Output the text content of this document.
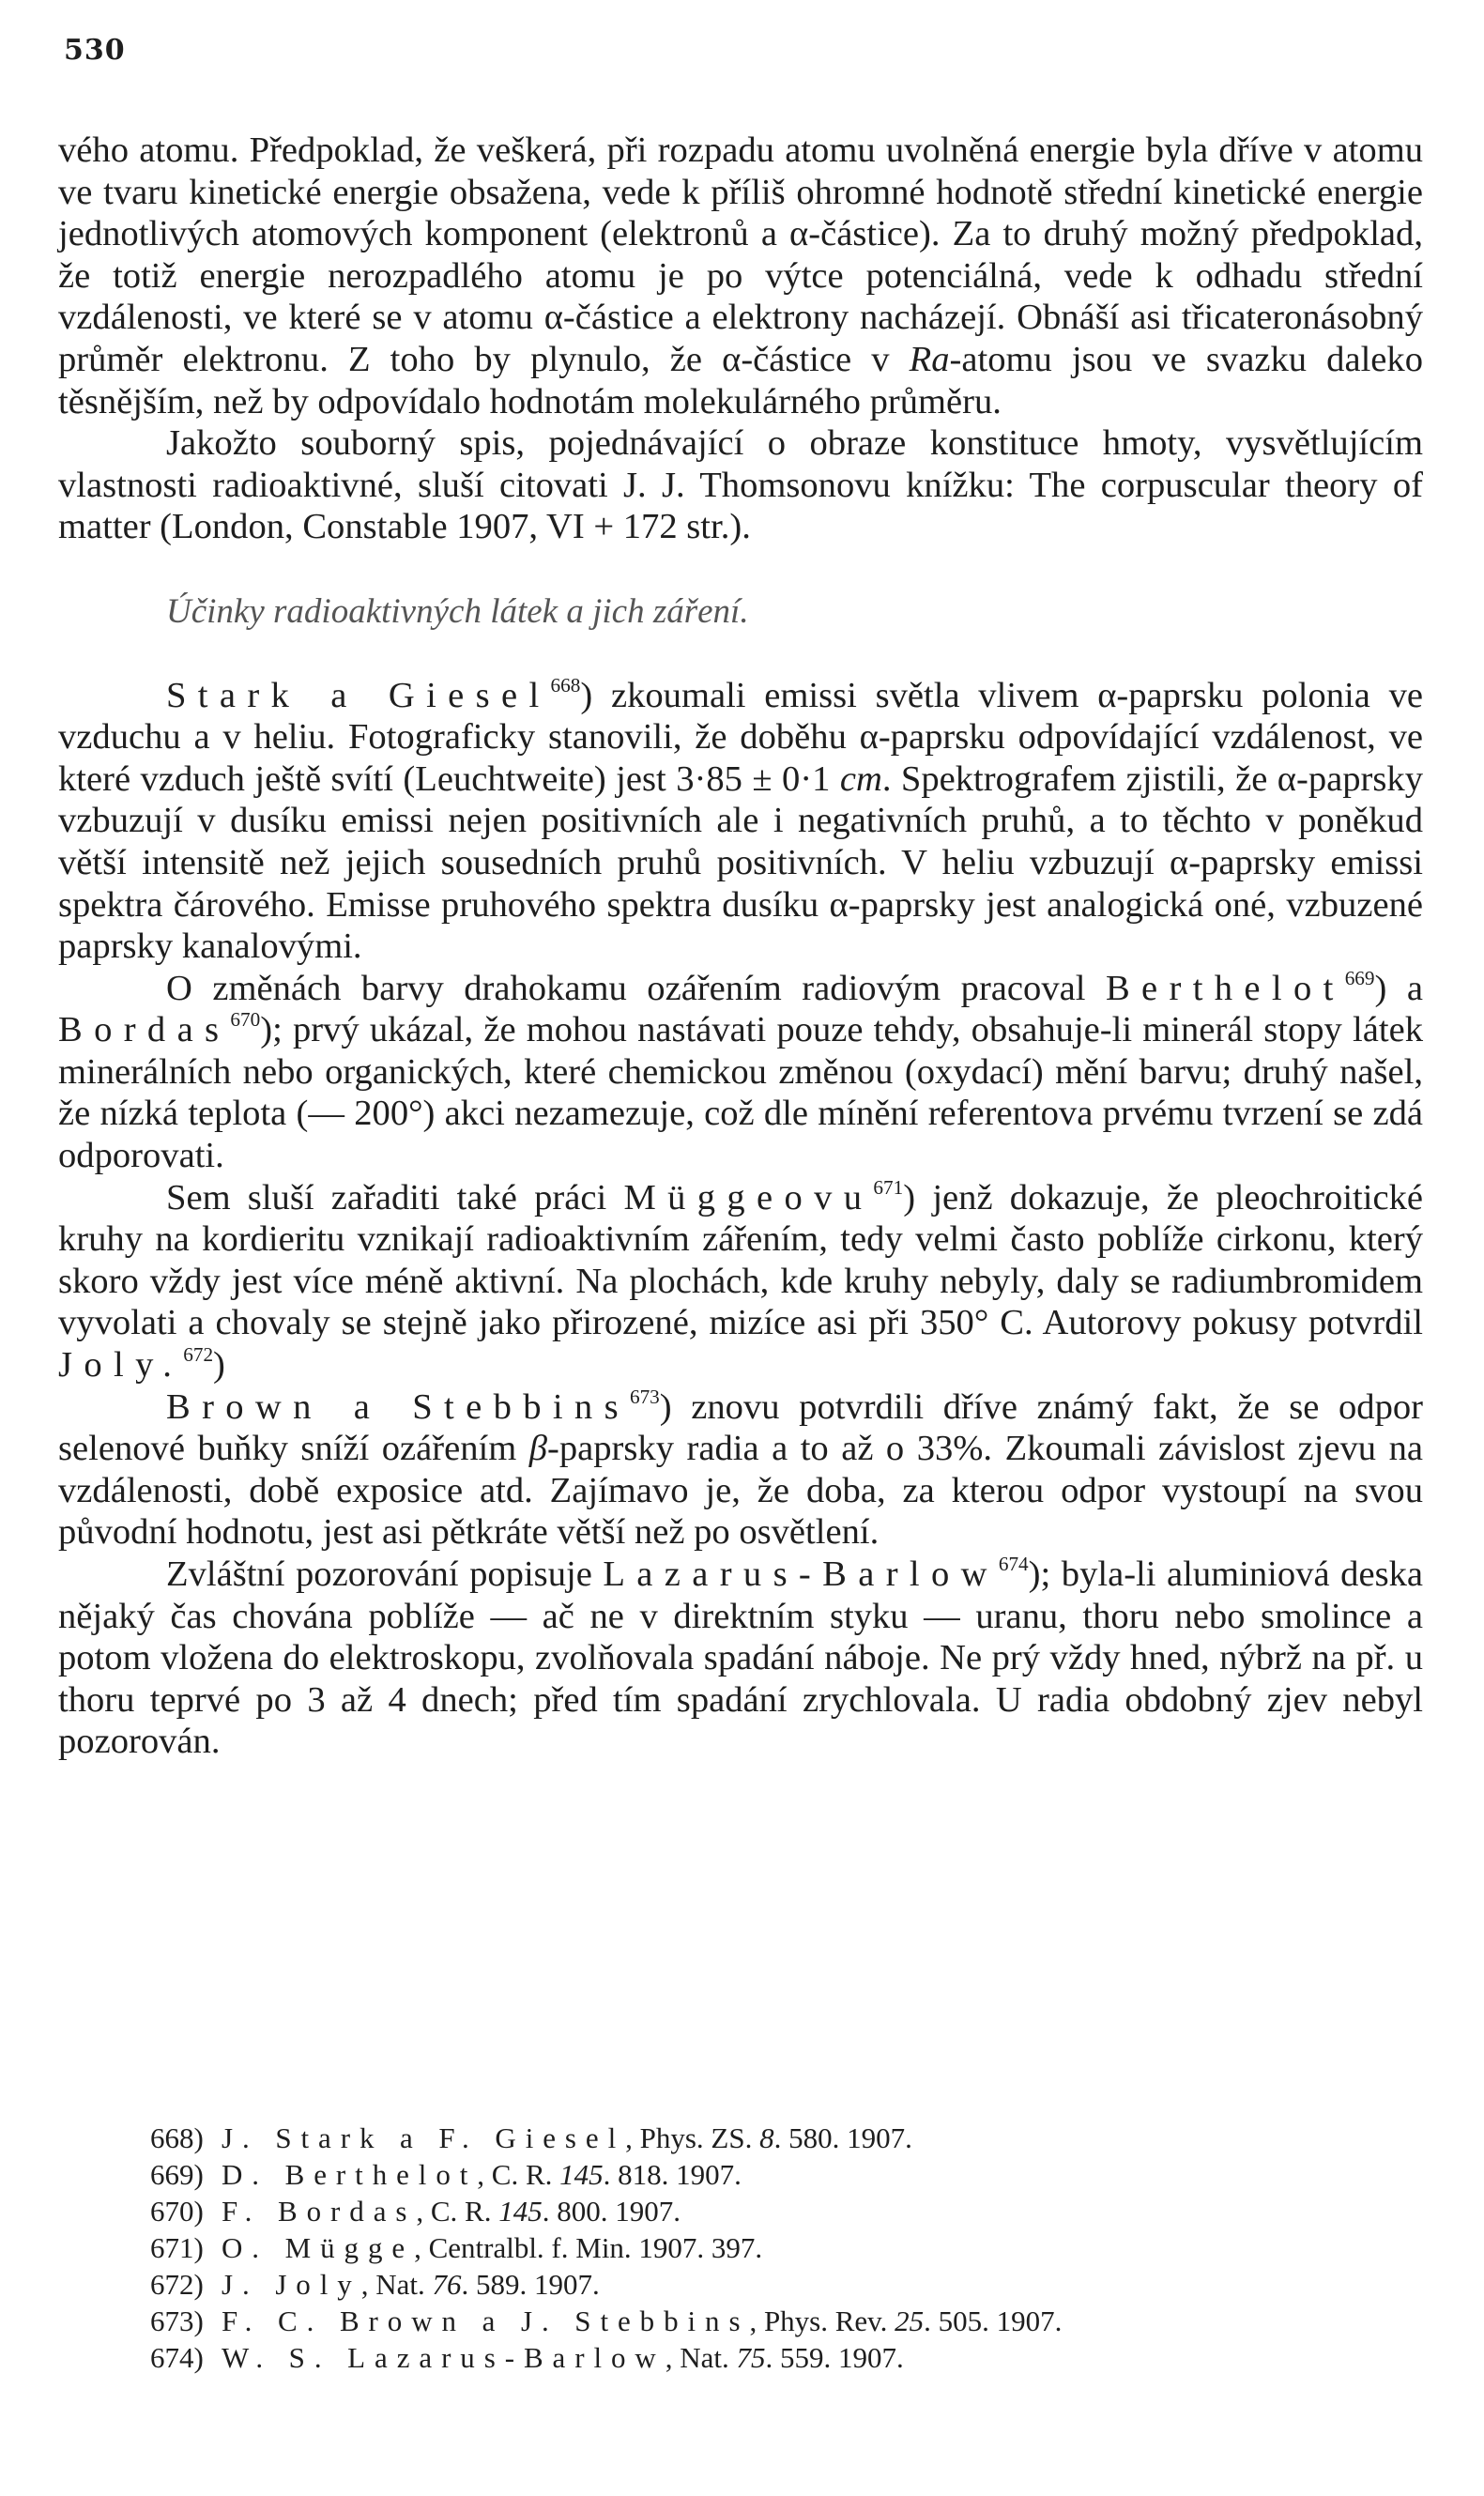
530

vého atomu. Předpoklad, že veškerá, při rozpadu atomu uvolněná energie byla dříve v atomu ve tvaru kinetické energie obsažena, vede k příliš ohromné hodnotě střední kinetické energie jednotlivých atomových komponent (elektronů a α-částice). Za to druhý možný předpoklad, že totiž energie nerozpadlého atomu je po výtce potenciálná, vede k odhadu střední vzdálenosti, ve které se v atomu α-částice a elektrony nacházejí. Obnáší asi třicateronásobný průměr elektronu. Z toho by plynulo, že α-částice v Ra-atomu jsou ve svazku daleko těsnějším, než by odpovídalo hodnotám molekulárného průměru.

Jakožto souborný spis, pojednávající o obraze konstituce hmoty, vysvětlujícím vlastnosti radioaktivné, sluší citovati J. J. Thomsonovu knížku: The corpuscular theory of matter (London, Constable 1907, VI + 172 str.).

Účinky radioaktivných látek a jich záření.

Stark a Giesel$^{668}$) zkoumali emissi světla vlivem α-paprsku polonia ve vzduchu a v heliu. Fotograficky stanovili, že doběhu α-paprsku odpovídající vzdálenost, ve které vzduch ještě svítí (Leuchtweite) jest 3·85 ± 0·1 cm. Spektrografem zjistili, že α-paprsky vzbuzují v dusíku emissi nejen positivních ale i negativních pruhů, a to těchto v poněkud větší intensitě než jejich sousedních pruhů positivních. V heliu vzbuzují α-paprsky emissi spektra čárového. Emisse pruhového spektra dusíku α-paprsky jest analogická oné, vzbuzené paprsky kanalovými.

O změnách barvy drahokamu ozářením radiovým pracoval Berthelot$^{669}$) a Bordas$^{670}$); prvý ukázal, že mohou nastávati pouze tehdy, obsahuje-li minerál stopy látek minerálních nebo organických, které chemickou změnou (oxydací) mění barvu; druhý našel, že nízká teplota (— 200°) akci nezamezuje, což dle mínění referentova prvému tvrzení se zdá odporovati.

Sem sluší zařaditi také práci Müggeovu$^{671}$) jenž dokazuje, že pleochroitické kruhy na kordieritu vznikají radioaktivním zářením, tedy velmi často poblíže cirkonu, který skoro vždy jest více méně aktivní. Na plochách, kde kruhy nebyly, daly se radiumbromidem vyvolati a chovaly se stejně jako přirozené, mizíce asi při 350° C. Autorovy pokusy potvrdil Joly.$^{672}$)

Brown a Stebbins$^{673}$) znovu potvrdili dříve známý fakt, že se odpor selenové buňky sníží ozářením β-paprsky radia a to až o 33%. Zkoumali závislost zjevu na vzdálenosti, době exposice atd. Zajímavo je, že doba, za kterou odpor vystoupí na svou původní hodnotu, jest asi pětkráte větší než po osvětlení.

Zvláštní pozorování popisuje Lazarus-Barlow$^{674}$); byla-li aluminiová deska nějaký čas chována poblíže — ač ne v direktním styku — uranu, thoru nebo smolince a potom vložena do elektroskopu, zvolňovala spadání náboje. Ne prý vždy hned, nýbrž na př. u thoru teprvé po 3 až 4 dnech; před tím spadání zrychlovala. U radia obdobný zjev nebyl pozorován.

668) J. Stark a F. Giesel, Phys. ZS. 8. 580. 1907.
669) D. Berthelot, C. R. 145. 818. 1907.
670) F. Bordas, C. R. 145. 800. 1907.
671) O. Mügge, Centralbl. f. Min. 1907. 397.
672) J. Joly, Nat. 76. 589. 1907.
673) F. C. Brown a J. Stebbins, Phys. Rev. 25. 505. 1907.
674) W. S. Lazarus-Barlow, Nat. 75. 559. 1907.
